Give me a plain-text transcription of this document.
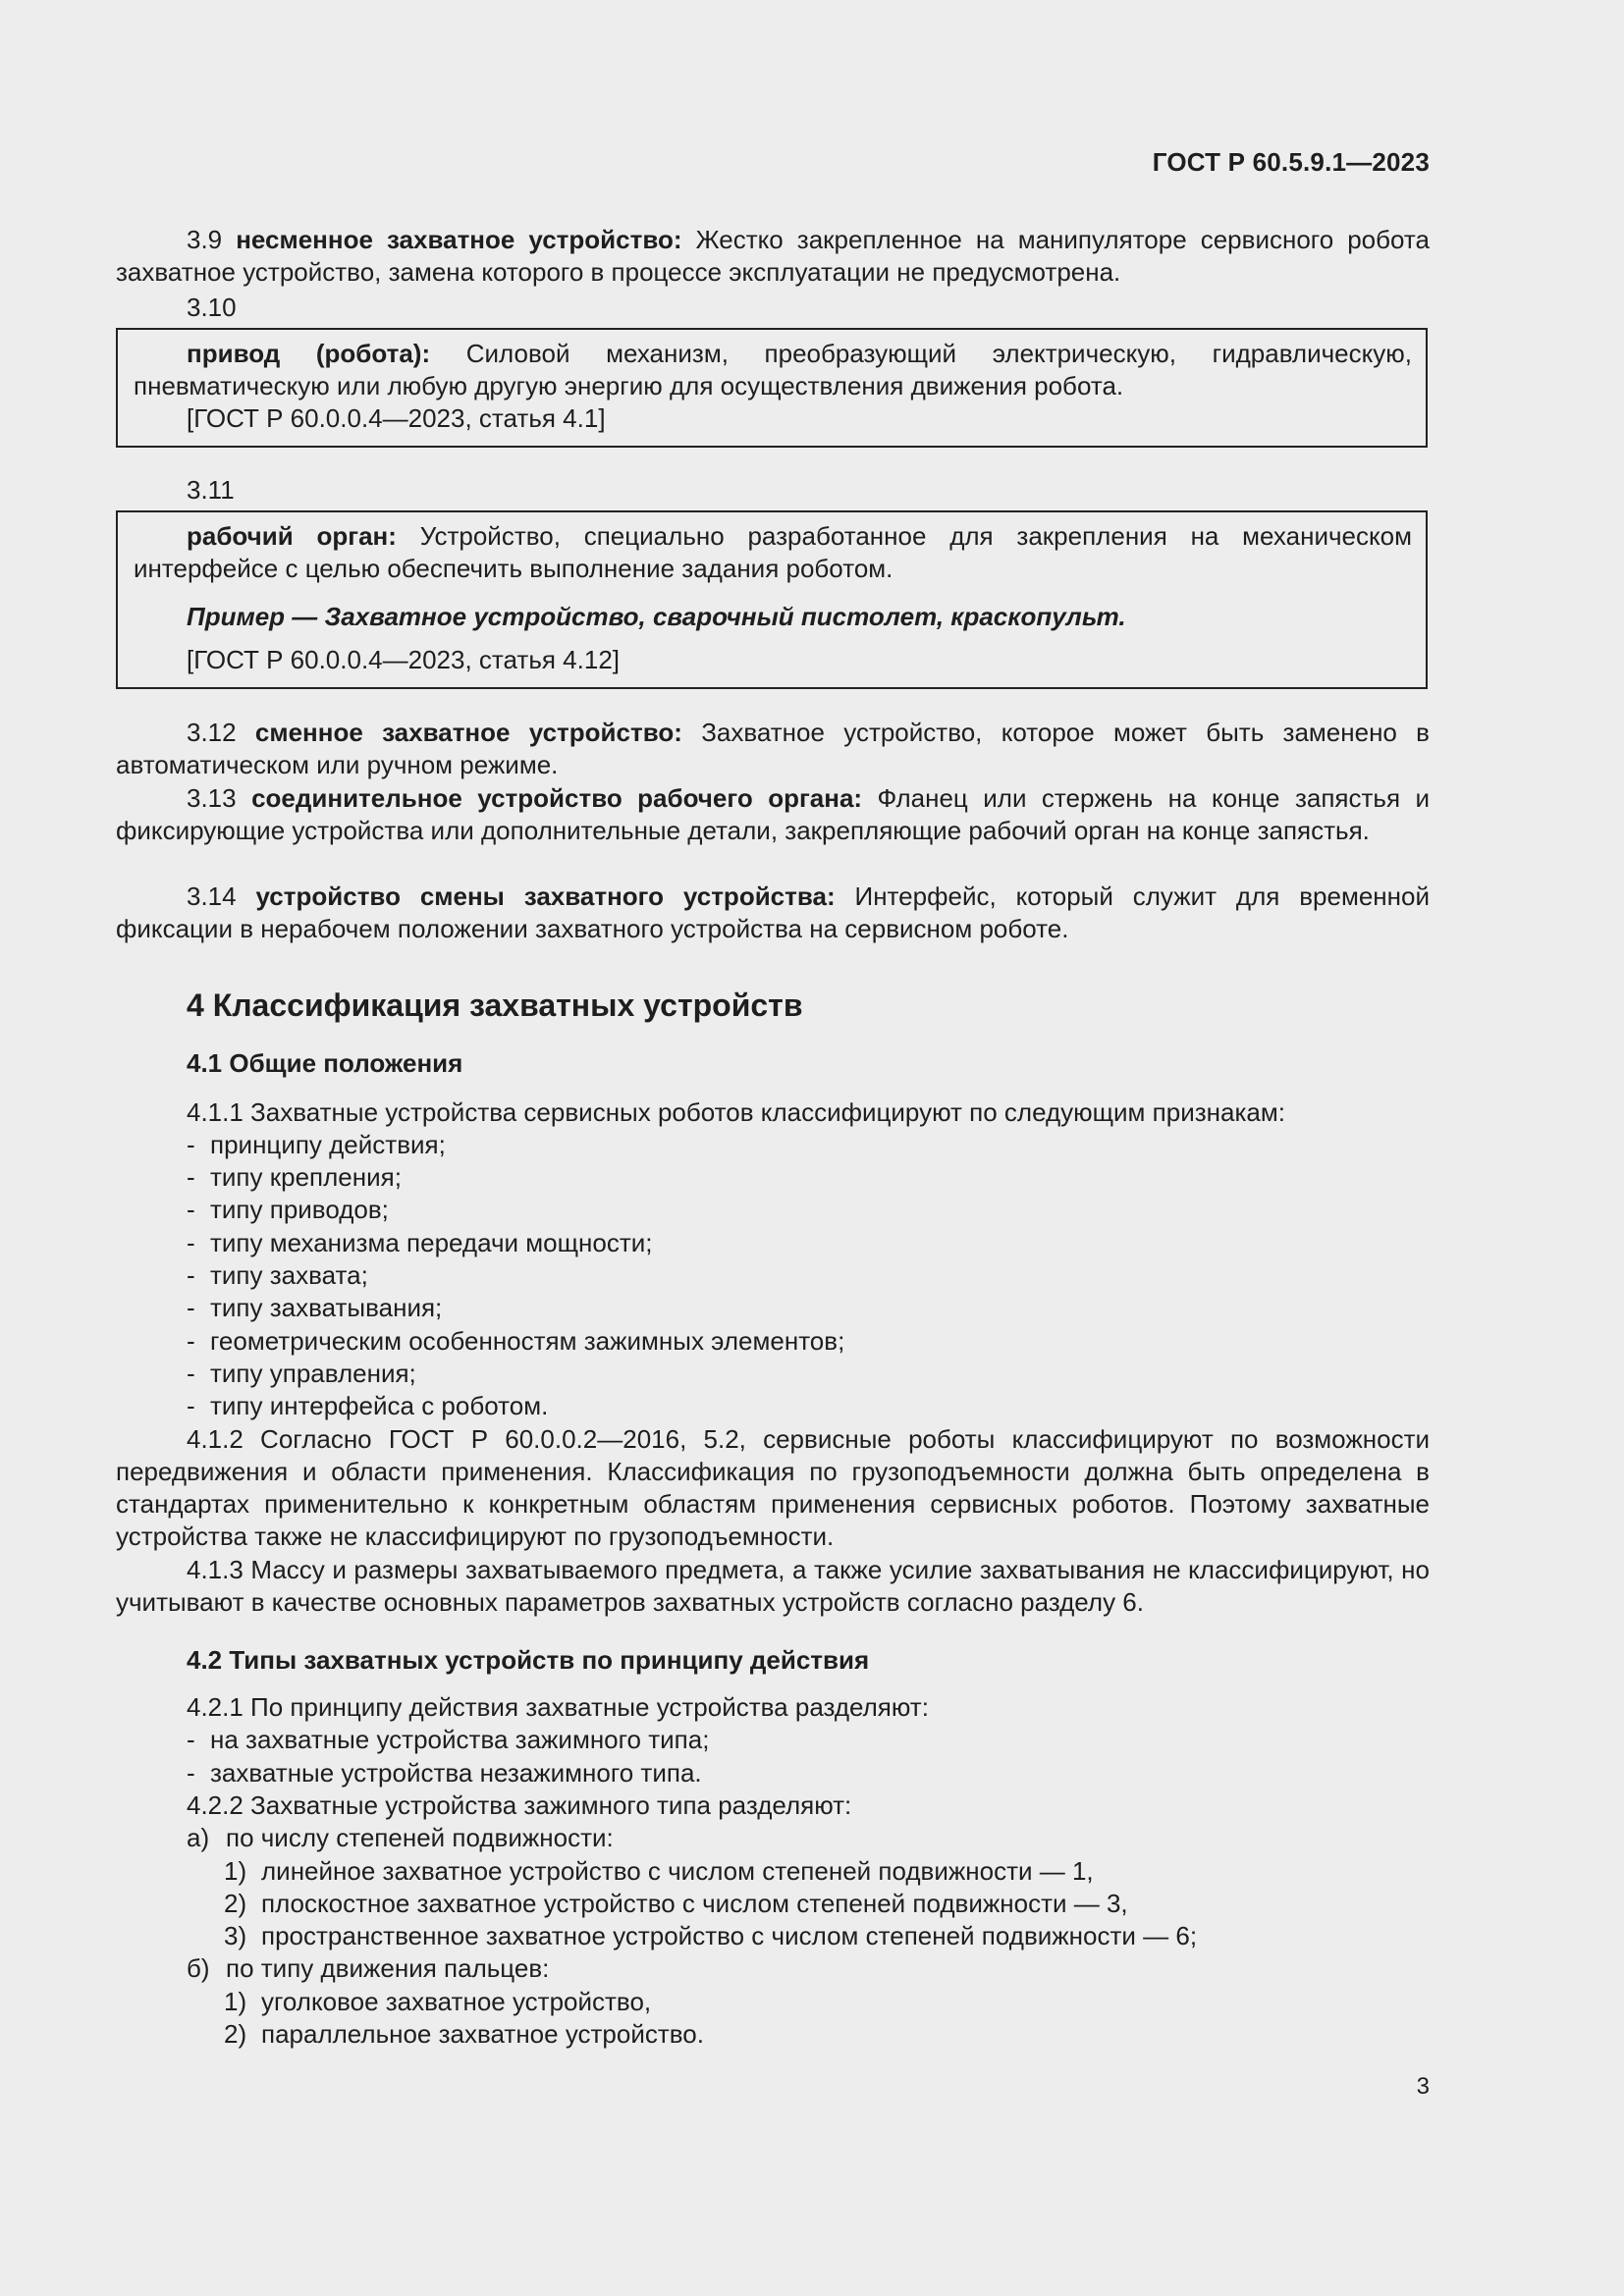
ГОСТ Р 60.5.9.1—2023
3.9 несменное захватное устройство: Жестко закрепленное на манипуляторе сервисного робота захватное устройство, замена которого в процессе эксплуатации не предусмотрена.
3.10
привод (робота): Силовой механизм, преобразующий электрическую, гидравлическую, пневматическую или любую другую энергию для осуществления движения робота.
[ГОСТ Р 60.0.0.4—2023, статья 4.1]
3.11
рабочий орган: Устройство, специально разработанное для закрепления на механическом интерфейсе с целью обеспечить выполнение задания роботом.
Пример — Захватное устройство, сварочный пистолет, краскопульт.
[ГОСТ Р 60.0.0.4—2023, статья 4.12]
3.12 сменное захватное устройство: Захватное устройство, которое может быть заменено в автоматическом или ручном режиме.
3.13 соединительное устройство рабочего органа: Фланец или стержень на конце запястья и фиксирующие устройства или дополнительные детали, закрепляющие рабочий орган на конце запястья.
3.14 устройство смены захватного устройства: Интерфейс, который служит для временной фиксации в нерабочем положении захватного устройства на сервисном роботе.
4 Классификация захватных устройств
4.1 Общие положения
4.1.1 Захватные устройства сервисных роботов классифицируют по следующим признакам:
- принципу действия;
- типу крепления;
- типу приводов;
- типу механизма передачи мощности;
- типу захвата;
- типу захватывания;
- геометрическим особенностям зажимных элементов;
- типу управления;
- типу интерфейса с роботом.
4.1.2 Согласно ГОСТ Р 60.0.0.2—2016, 5.2, сервисные роботы классифицируют по возможности передвижения и области применения. Классификация по грузоподъемности должна быть определена в стандартах применительно к конкретным областям применения сервисных роботов. Поэтому захватные устройства также не классифицируют по грузоподъемности.
4.1.3 Массу и размеры захватываемого предмета, а также усилие захватывания не классифицируют, но учитывают в качестве основных параметров захватных устройств согласно разделу 6.
4.2 Типы захватных устройств по принципу действия
4.2.1 По принципу действия захватные устройства разделяют:
- на захватные устройства зажимного типа;
- захватные устройства незажимного типа.
4.2.2 Захватные устройства зажимного типа разделяют:
а) по числу степеней подвижности:
1) линейное захватное устройство с числом степеней подвижности — 1,
2) плоскостное захватное устройство с числом степеней подвижности — 3,
3) пространственное захватное устройство с числом степеней подвижности — 6;
б) по типу движения пальцев:
1) уголковое захватное устройство,
2) параллельное захватное устройство.
3
